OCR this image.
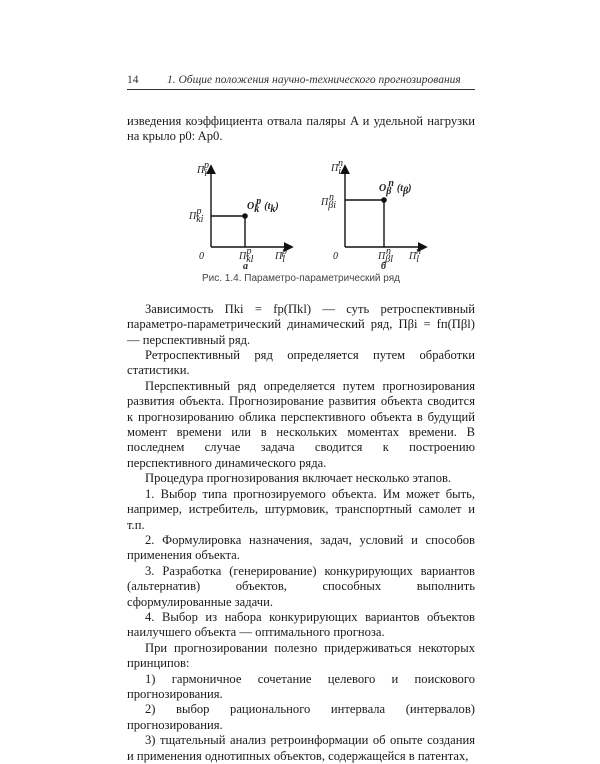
14	1. Общие положения научно-технического прогнозирования
изведения коэффициента отвала паляры A и удельной нагрузки на крыло p0: Ap0.
Пiр
Пkiр	Okр (tk)
0	Пklр Пlр
а
Пiп
Пβiп
Oβп (tβ)
0	Пβlп Пlп
б
Рис. 1.4. Параметро-параметрический ряд

Зависимость Пki = fр(Пkl) — суть ретроспективный параметро-параметрический динамический ряд, Пβi = fп(Пβl) — перспективный ряд.

Ретроспективный ряд определяется путем обработки статистики.

Перспективный ряд определяется путем прогнозирования развития объекта. Прогнозирование развития объекта сводится к прогнозированию облика перспективного объекта в будущий момент времени или в нескольких моментах времени. В последнем случае задача сводится к построению перспективного динамического ряда.

Процедура прогнозирования включает несколько этапов.

1. Выбор типа прогнозируемого объекта. Им может быть, например, истребитель, штурмовик, транспортный самолет и т.п.

2. Формулировка назначения, задач, условий и способов применения объекта.

3. Разработка (генерирование) конкурирующих вариантов (альтернатив) объектов, способных выполнить сформулированные задачи.

4. Выбор из набора конкурирующих вариантов объектов наилучшего объекта — оптимального прогноза.

При прогнозировании полезно придерживаться некоторых принципов:

1) гармоничное сочетание целевого и поискового прогнозирования.

2) выбор рационального интервала (интервалов) прогнозирования.

3) тщательный анализ ретроинформации об опыте создания и применения однотипных объектов, содержащейся в патентах,
